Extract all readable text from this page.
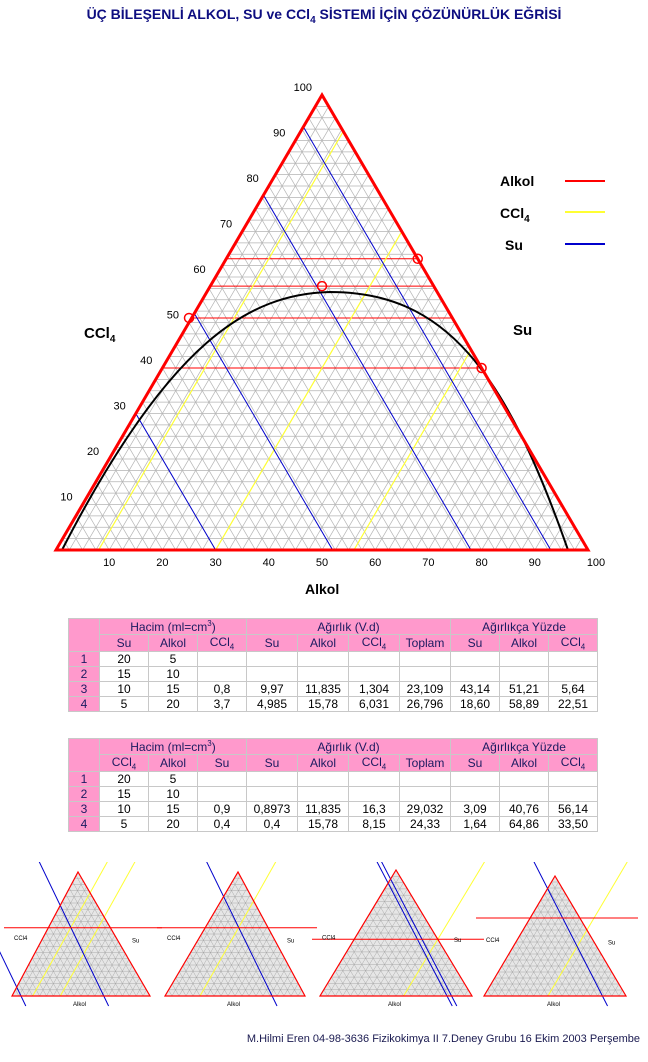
ÜÇ BİLEŞENLİ ALKOL, SU ve CCl$_4$ SİSTEMİ İÇİN ÇÖZÜNÜRLÜK EĞRİSİ
10
20
30
40
50
60
70
80
90
100
10	20	30	40	50	60	70	80	90	100
CCl$_4$
Su
Alkol
Alkol
CCl$_4$
Su
	Hacim $(ml=cm^3)$			Ağırlık (V.d)				Ağırlıkça Yüzde		
	Su	Alkol	CCl$_4$	Su	Alkol	CCl$_4$	Toplam	Su	Alkol	CCl$_4$
1	20	5								
2	15	10								
3	10	15	0,8	9,97	11,835	1,304	23,109	43,14	51,21	5,64
4	5	20	3,7	4,985	15,78	6,031	26,796	18,60	58,89	22,51
	Hacim $(ml=cm^3)$			Ağırlık (V.d)				Ağırlıkça Yüzde		
	CCl$_4$	Alkol	Su	Su	Alkol	CCl$_4$	Toplam	Su	Alkol	CCl$_4$
1	20	5								
2	15	10								
3	10	15	0,9	0,8973	11,835	16,3	29,032	3,09	40,76	56,14
4	5	20	0,4	0,4	15,78	8,15	24,33	1,64	64,86	33,50
CCl4	Su
Alkol
CCl4	Su
Alkol
CCl4	Su
Alkol
CCl4	Su
Alkol
M.Hilmi Eren 04-98-3636 Fizikokimya II 7.Deney Grubu 16 Ekim 2003 Perşembe
